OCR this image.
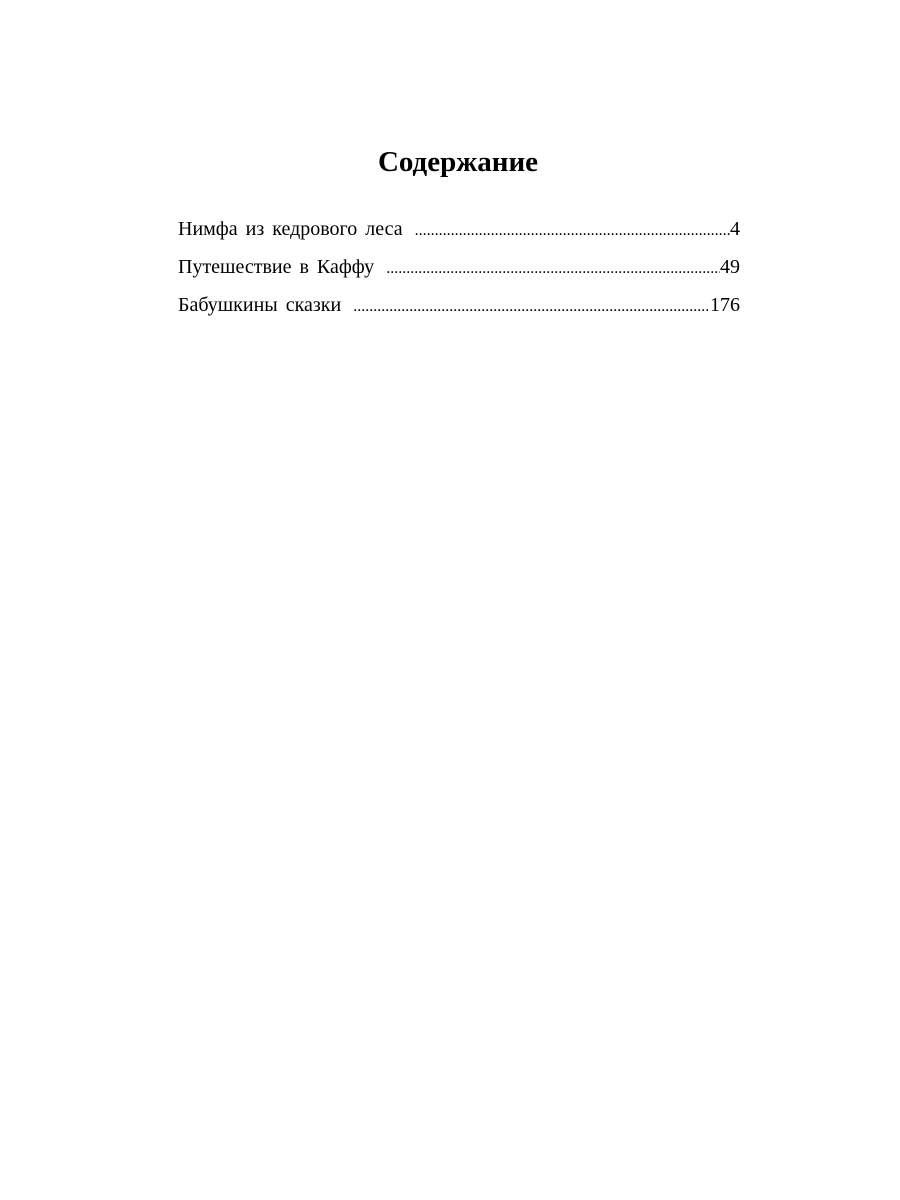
Содержание
Нимфа из кедрового леса .....	4
Путешествие в Каффу .....	49
Бабушкины сказки .....	176
